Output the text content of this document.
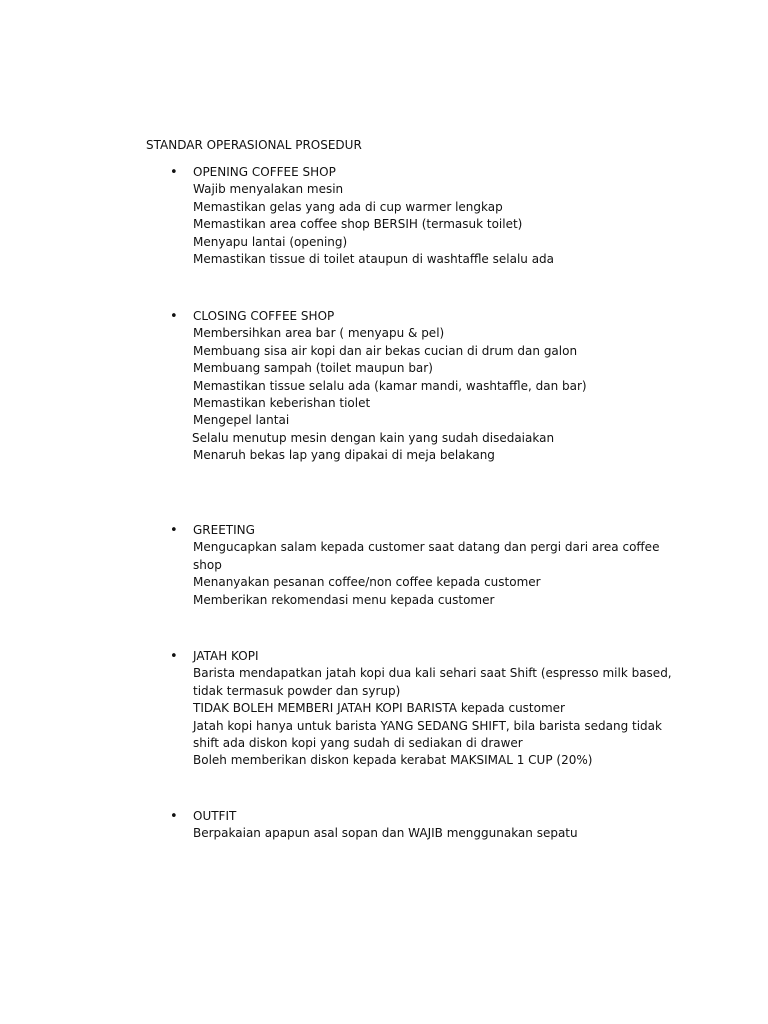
STANDAR OPERASIONAL PROSEDUR
• OPENING COFFEE SHOP
Wajib menyalakan mesin
Memastikan gelas yang ada di cup warmer lengkap
Memastikan area coffee shop BERSIH (termasuk toilet)
Menyapu lantai (opening)
Memastikan tissue di toilet ataupun di washtaffle selalu ada
• CLOSING COFFEE SHOP
Membersihkan area bar ( menyapu & pel)
Membuang sisa air kopi dan air bekas cucian di drum dan galon
Membuang sampah (toilet maupun bar)
Memastikan tissue selalu ada (kamar mandi, washtaffle, dan bar)
Memastikan keberishan tiolet
Mengepel lantai
Selalu menutup mesin dengan kain yang sudah disedaiakan
Menaruh bekas lap yang dipakai di meja belakang
• GREETING
Mengucapkan salam kepada customer saat datang dan pergi dari area coffee
shop
Menanyakan pesanan coffee/non coffee kepada customer
Memberikan rekomendasi menu kepada customer
• JATAH KOPI
Barista mendapatkan jatah kopi dua kali sehari saat Shift (espresso milk based,
tidak termasuk powder dan syrup)
TIDAK BOLEH MEMBERI JATAH KOPI BARISTA kepada customer
Jatah kopi hanya untuk barista YANG SEDANG SHIFT, bila barista sedang tidak
shift ada diskon kopi yang sudah di sediakan di drawer
Boleh memberikan diskon kepada kerabat MAKSIMAL 1 CUP (20%)
• OUTFIT
Berpakaian apapun asal sopan dan WAJIB menggunakan sepatu
